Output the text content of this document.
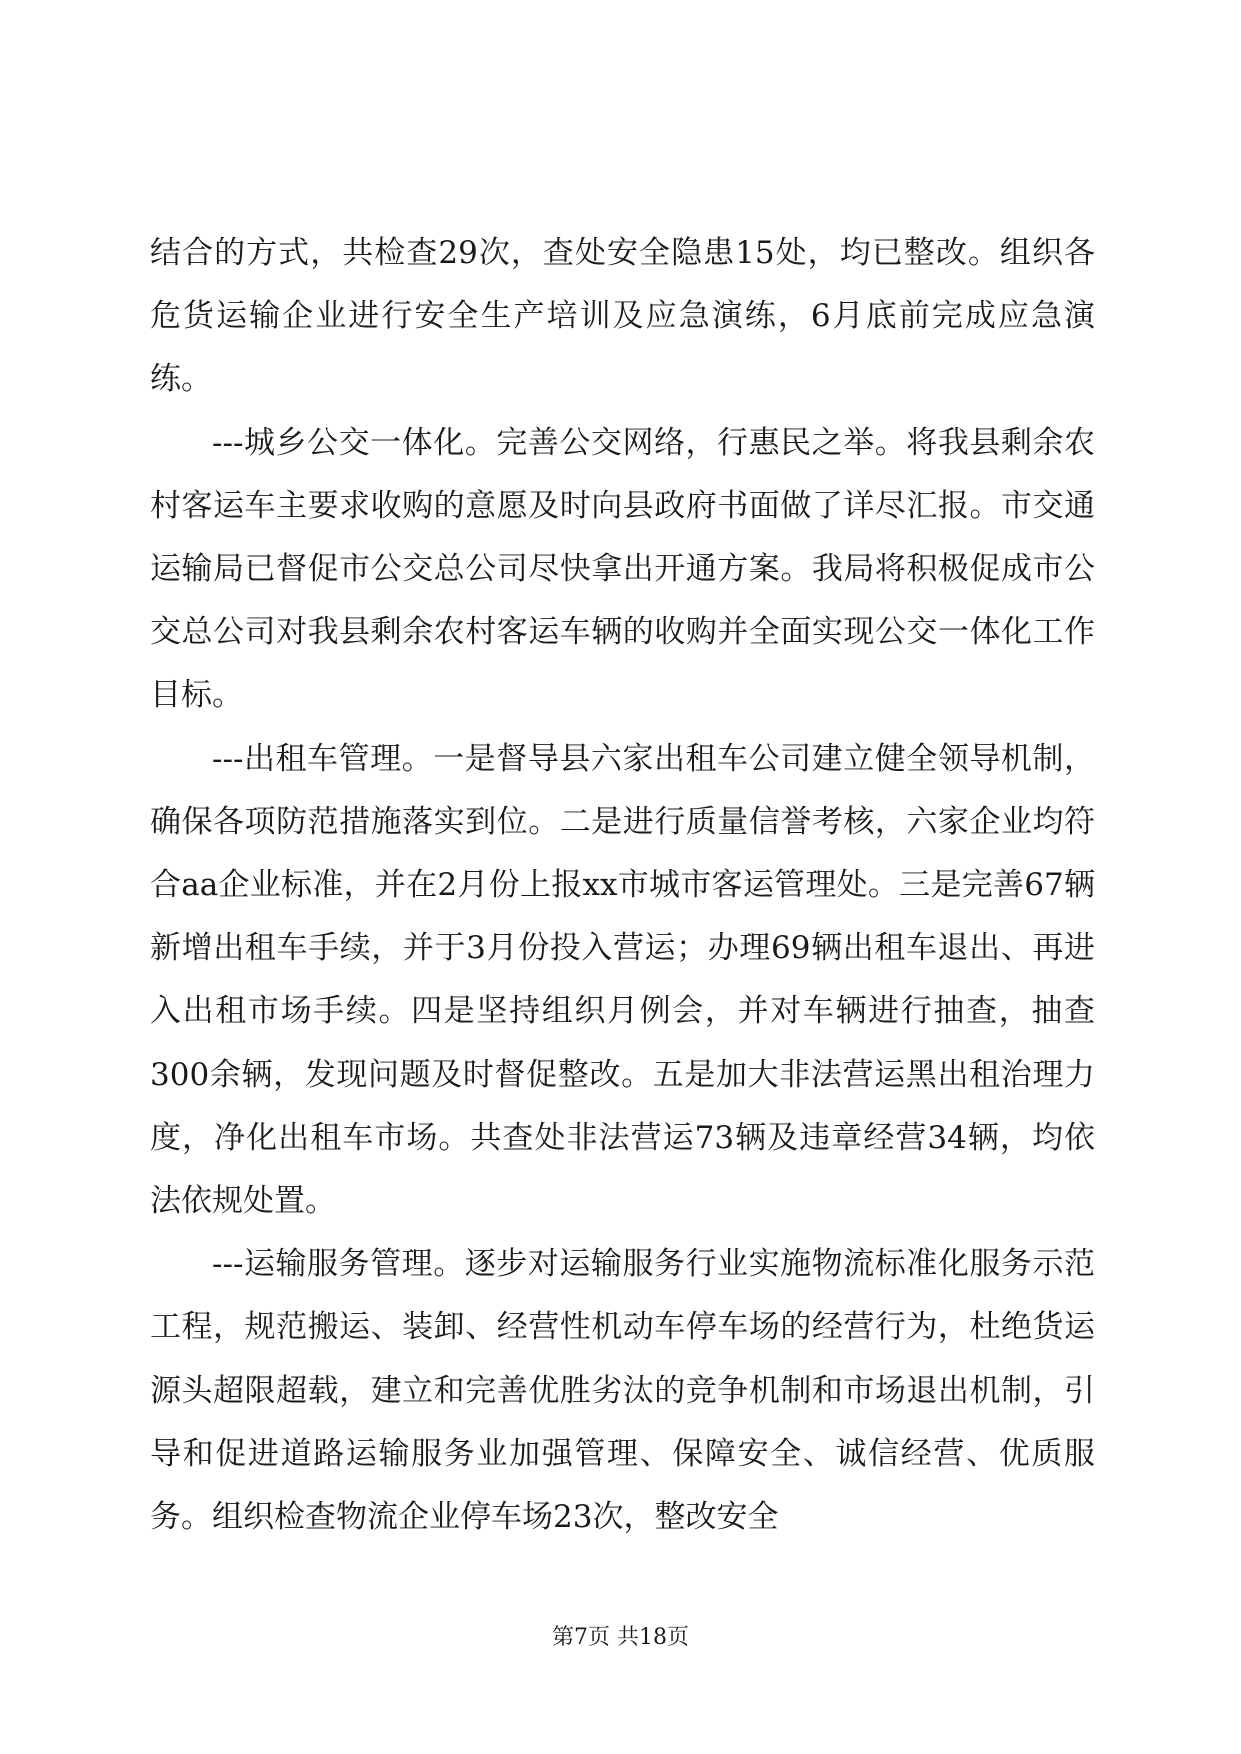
结合的方式，共检查29次，查处安全隐患15处，均已整改。组织各危货运输企业进行安全生产培训及应急演练，6月底前完成应急演练。

---城乡公交一体化。完善公交网络，行惠民之举。将我县剩余农村客运车主要求收购的意愿及时向县政府书面做了详尽汇报。市交通运输局已督促市公交总公司尽快拿出开通方案。我局将积极促成市公交总公司对我县剩余农村客运车辆的收购并全面实现公交一体化工作目标。

---出租车管理。一是督导县六家出租车公司建立健全领导机制，确保各项防范措施落实到位。二是进行质量信誉考核，六家企业均符合aa企业标准，并在2月份上报xx市城市客运管理处。三是完善67辆新增出租车手续，并于3月份投入营运；办理69辆出租车退出、再进入出租市场手续。四是坚持组织月例会，并对车辆进行抽查，抽查300余辆，发现问题及时督促整改。五是加大非法营运黑出租治理力度，净化出租车市场。共查处非法营运73辆及违章经营34辆，均依法依规处置。

---运输服务管理。逐步对运输服务行业实施物流标准化服务示范工程，规范搬运、装卸、经营性机动车停车场的经营行为，杜绝货运源头超限超载，建立和完善优胜劣汰的竞争机制和市场退出机制，引导和促进道路运输服务业加强管理、保障安全、诚信经营、优质服务。组织检查物流企业停车场23次，整改安全

第7页 共18页
